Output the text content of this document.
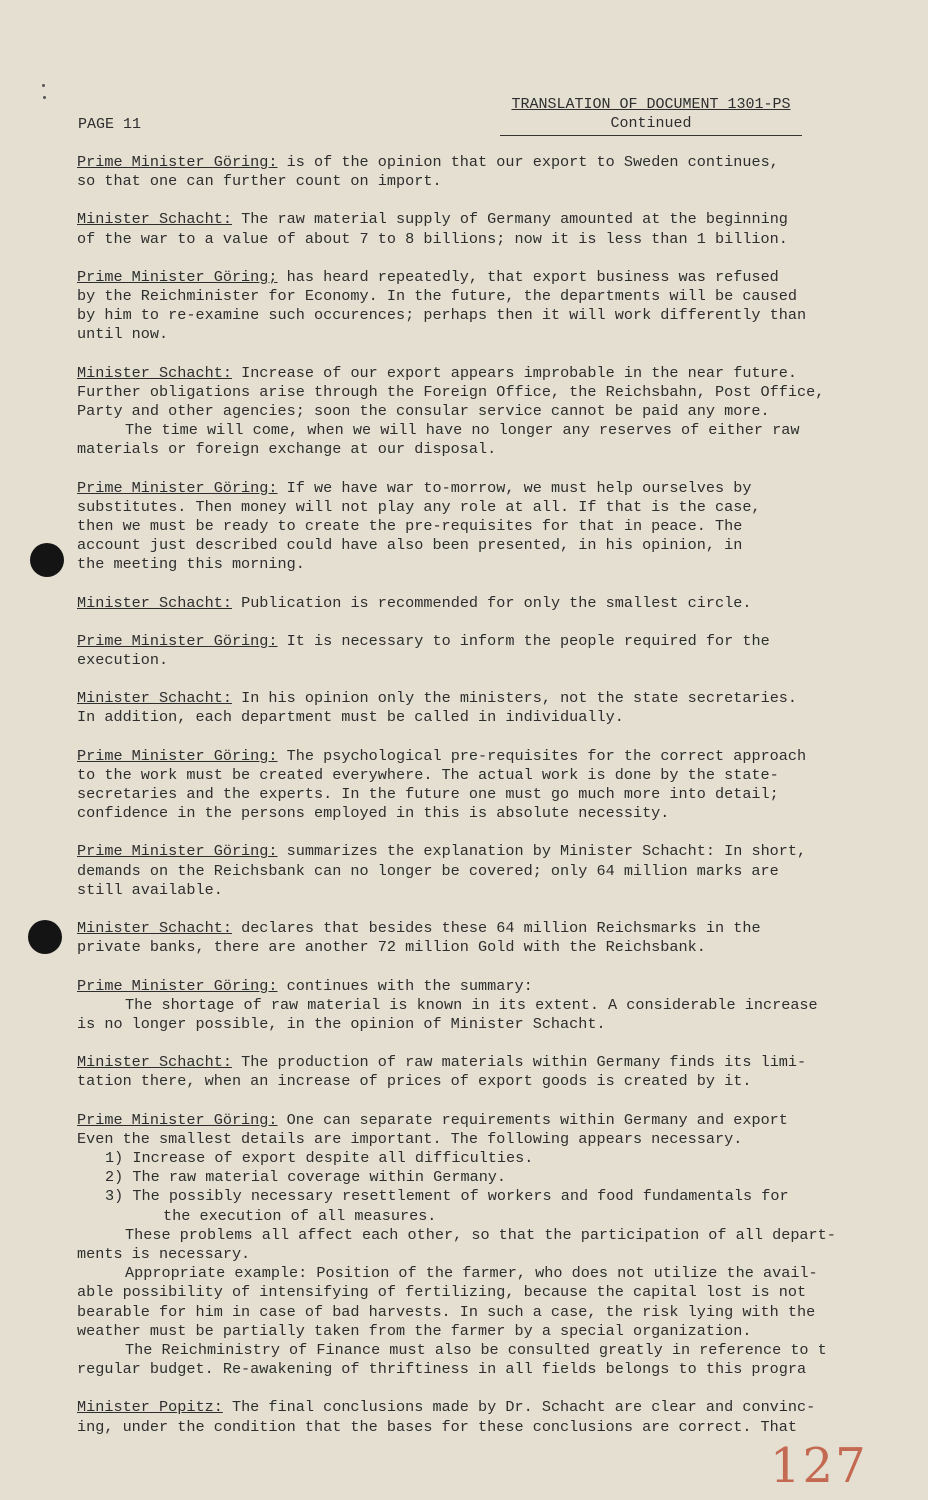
TRANSLATION OF DOCUMENT 1301-PS
Continued
PAGE 11
Prime Minister Göring: is of the opinion that our export to Sweden continues,
so that one can further count on import.
Minister Schacht: The raw material supply of Germany amounted at the beginning
of the war to a value of about 7 to 8 billions; now it is less than 1 billion.
Prime Minister Göring; has heard repeatedly, that export business was refused
by the Reichminister for Economy. In the future, the departments will be caused
by him to re-examine such occurences; perhaps then it will work differently than
until now.
Minister Schacht: Increase of our export appears improbable in the near future.
Further obligations arise through the Foreign Office, the Reichsbahn, Post Office,
Party and other agencies; soon the consular service cannot be paid any more.
The time will come, when we will have no longer any reserves of either raw
materials or foreign exchange at our disposal.
Prime Minister Göring: If we have war to-morrow, we must help ourselves by
substitutes. Then money will not play any role at all. If that is the case,
then we must be ready to create the pre-requisites for that in peace. The
account just described could have also been presented, in his opinion, in
the meeting this morning.
Minister Schacht: Publication is recommended for only the smallest circle.
Prime Minister Göring: It is necessary to inform the people required for the
execution.
Minister Schacht: In his opinion only the ministers, not the state secretaries.
In addition, each department must be called in individually.
Prime Minister Göring: The psychological pre-requisites for the correct approach
to the work must be created everywhere. The actual work is done by the state-
secretaries and the experts. In the future one must go much more into detail;
confidence in the persons employed in this is absolute necessity.
Prime Minister Göring: summarizes the explanation by Minister Schacht: In short,
demands on the Reichsbank can no longer be covered; only 64 million marks are
still available.
Minister Schacht: declares that besides these 64 million Reichsmarks in the
private banks, there are another 72 million Gold with the Reichsbank.
Prime Minister Göring: continues with the summary:
The shortage of raw material is known in its extent. A considerable increase
is no longer possible, in the opinion of Minister Schacht.
Minister Schacht: The production of raw materials within Germany finds its limi-
tation there, when an increase of prices of export goods is created by it.
Prime Minister Göring: One can separate requirements within Germany and export
Even the smallest details are important. The following appears necessary.
1) Increase of export despite all difficulties.
2) The raw material coverage within Germany.
3) The possibly necessary resettlement of workers and food fundamentals for
the execution of all measures.
These problems all affect each other, so that the participation of all depart-
ments is necessary.
Appropriate example: Position of the farmer, who does not utilize the avail-
able possibility of intensifying of fertilizing, because the capital lost is not
bearable for him in case of bad harvests. In such a case, the risk lying with the
weather must be partially taken from the farmer by a special organization.
The Reichministry of Finance must also be consulted greatly in reference to t
regular budget. Re-awakening of thriftiness in all fields belongs to this progra
Minister Popitz: The final conclusions made by Dr. Schacht are clear and convinc-
ing, under the condition that the bases for these conclusions are correct. That
127
